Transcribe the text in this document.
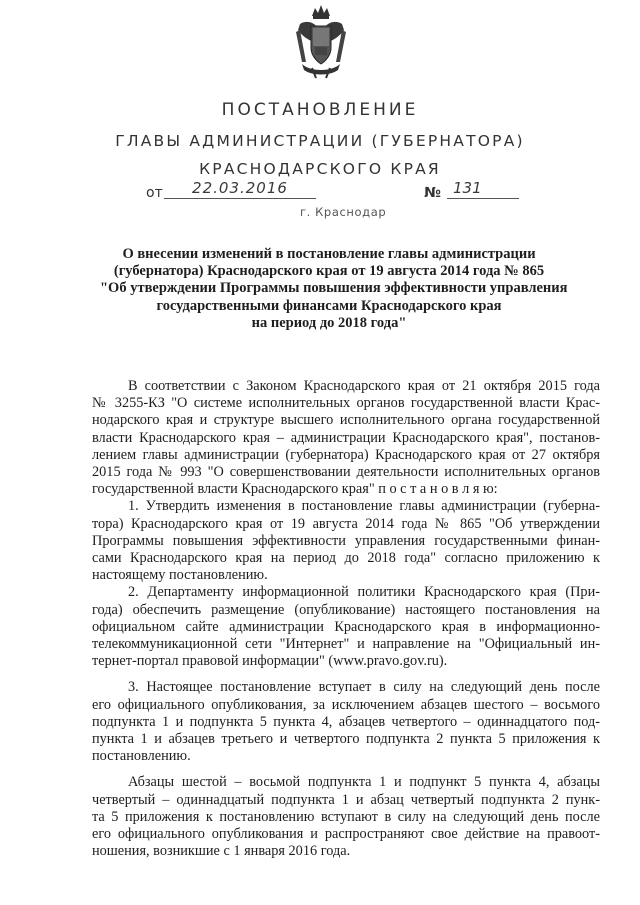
ПОСТАНОВЛЕНИЕ
ГЛАВЫ АДМИНИСТРАЦИИ (ГУБЕРНАТОРА)
КРАСНОДАРСКОГО КРАЯ
от	22.03.2016	№ 131
г. Краснодар
О внесении изменений в постановление главы администрации
(губернатора) Краснодарского края от 19 августа 2014 года № 865
"Об утверждении Программы повышения эффективности управления
государственными финансами Краснодарского края
на период до 2018 года"

В соответствии с Законом Краснодарского края от 21 октября 2015 года
№ 3255-КЗ "О системе исполнительных органов государственной власти Крас-
нодарского края и структуре высшего исполнительного органа государственной
власти Краснодарского края – администрации Краснодарского края", постанов-
лением главы администрации (губернатора) Краснодарского края от 27 октября
2015 года № 993 "О совершенствовании деятельности исполнительных органов
государственной власти Краснодарского края" п о с т а н о в л я ю:

1. Утвердить изменения в постановление главы администрации (губерна-
тора) Краснодарского края от 19 августа 2014 года № 865 "Об утверждении
Программы повышения эффективности управления государственными финан-
сами Краснодарского края на период до 2018 года" согласно приложению к
настоящему постановлению.

2. Департаменту информационной политики Краснодарского края (При-
года) обеспечить размещение (опубликование) настоящего постановления на
официальном сайте администрации Краснодарского края в информационно-
телекоммуникационной сети "Интернет" и направление на "Официальный ин-
тернет-портал правовой информации" (www.pravo.gov.ru).

3. Настоящее постановление вступает в силу на следующий день после
его официального опубликования, за исключением абзацев шестого – восьмого
подпункта 1 и подпункта 5 пункта 4, абзацев четвертого – одиннадцатого под-
пункта 1 и абзацев третьего и четвертого подпункта 2 пункта 5 приложения к
постановлению.

Абзацы шестой – восьмой подпункта 1 и подпункт 5 пункта 4, абзацы
четвертый – одиннадцатый подпункта 1 и абзац четвертый подпункта 2 пунк-
та 5 приложения к постановлению вступают в силу на следующий день после
его официального опубликования и распространяют свое действие на правоот-
ношения, возникшие с 1 января 2016 года.
